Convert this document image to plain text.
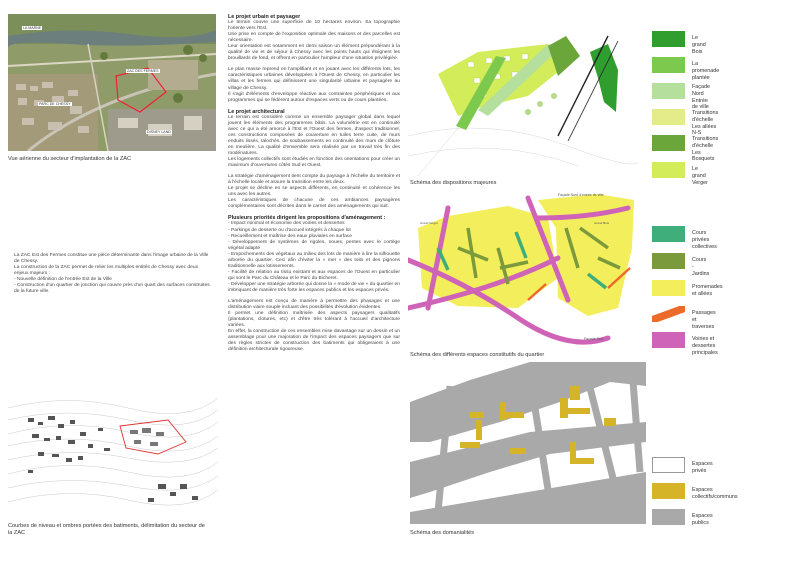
LA MARNE
ZAC DES FERMES
PARC DE CHESSY
DISNEY LAND
Vue aérienne du secteur d'implantation de la ZAC
La ZAC Est des Fermes constitue une pièce déterminante dans l'image urbaine de la Ville de Chessy.
La construction de la ZAC permet de relier les multiples entités de Chessy avec deux enjeux majeurs :
- Nouvelle définition de l'entrée Est de la Ville
- Construction d'un quartier de jonction qui couvre près d'un quart des surfaces construites de la future ville.
Courbes de niveau et ombres portées des batiments, délimitation du secteur de la ZAC
Le projet urbain et paysager

Le terrain couvre une superficie de 10 hectares environ. Sa topographie l'oriente vers l'Est.
Une prise en compte de l'exposition optimale des maisons et des parcelles est nécessaire.
Leur orientation est notamment en demi saison un élément prépondérant à la qualité de vie et de séjour à Chessy avec les points hauts qui éloignent les brouillards de fond, et offrent en particulier l'ampleur d'une situation privilégiée.

Le plan masse reprend en l'amplifiant et en jouant avec les différents lots, les caractéristiques urbaines développées à l'Ouest de Chessy, en particulier les villas et les fermes qui définissent une singularité urbaine et paysagère au village de Chessy.
Il s'agit d'éléments d'enveloppe réactive aux contraintes périphériques et aux programmes qui se fédèrent autour d'espaces verts ou de cours plantées.

Le projet architectural

Le terrain est considéré comme un ensemble paysager global dans lequel jouent les éléments des programmes bâtis. La volumétrie est en continuité avec ce qui a été amorcé à l'Est et l'Ouest des fermes, d'aspect traditionnel, ces constructions composées de couverture en tuiles terre cuite, de murs enduits lissés, talochés, de soubassements en continuité des murs de clôture en meulière. La qualité d'ensemble sera réalisée par un travail très fin des modénatures.
Les logements collectifs sont étudiés en fonction des orientations pour créer un maximum d'ouvertures côtés Sud et Ouest.

La stratégie d'aménagement tient compte du paysage à l'échelle du territoire et à l'échelle locale et assure la transition entre les deux.
Le projet se décline en se aspects différents, en continuité et cohérence les uns avec les autres.
Les caractéristiques de chacune de ces ambiances paysagères complémentaires sont décrites dans le carnet des aménagements qui suit.

Plusieurs priorités dirigent les propositions d'aménagement :

- Impact minimal et économie des voiries et dessertes
- Parkings de desserte ou d'accueil intégrés à chaque lot
- Recueillement et maîtrise des eaux pluviales en surface
- Développement de systèmes de rigoles, noues, pentes avec le cortège végétal adapté
- Empochements des végétaux au milieu des lots de manière à lire la silhouette arborée du quartier. Ceci afin d'éviter la « mer » des toits et des pignons traditionnelle aux lotissements.
- Facilité de relation au tissu existant et aux espaces de l'Ouest en particulier qui sont le Parc du Château et le Parc du Bicheret.
- Développer une stratégie arborée qui donne la « mode de vie » du quartier en imbriquant de manière très forte les espaces publics et les espaces privés.

L'aménagement est conçu de manière à permettre des phasages et une distribution viaire souple incluant des possibilités d'évolution évidentes.
Il permet une définition maîtrisée des aspects paysagers qualitatifs (plantations, clotures, etc) et d'être très tolérant à l'accueil d'architecture variées.
En effet, la construction de ces ensembles mise davantage sur un dessin et un assemblage pour une majoration de l'impact des espaces paysagers que sur des règles strictes de construction des batiments qui obligeraient à une définition architecturale rigoureuse.

Schéma des dispositions majeures
Façade Nord d'entrée de ville
Façade Sud
Grand Bois
Grand Verger
Schéma des différents espaces constitutifs du quartier
Schéma des domanialités
Le grand Bois
La promenade plantée
Façade Nord
Entrée de ville
Transitions d'échelle
Les allées N-S
Transitions d'échelle
Les Bosquets
Le grand Verger
Cours privées collectives
Cours - Jardins
Promenades et allées
Passages et traverses
Voiries et dessertes principales
Espaces privés
Espaces collectifs/communs
Espaces publics
